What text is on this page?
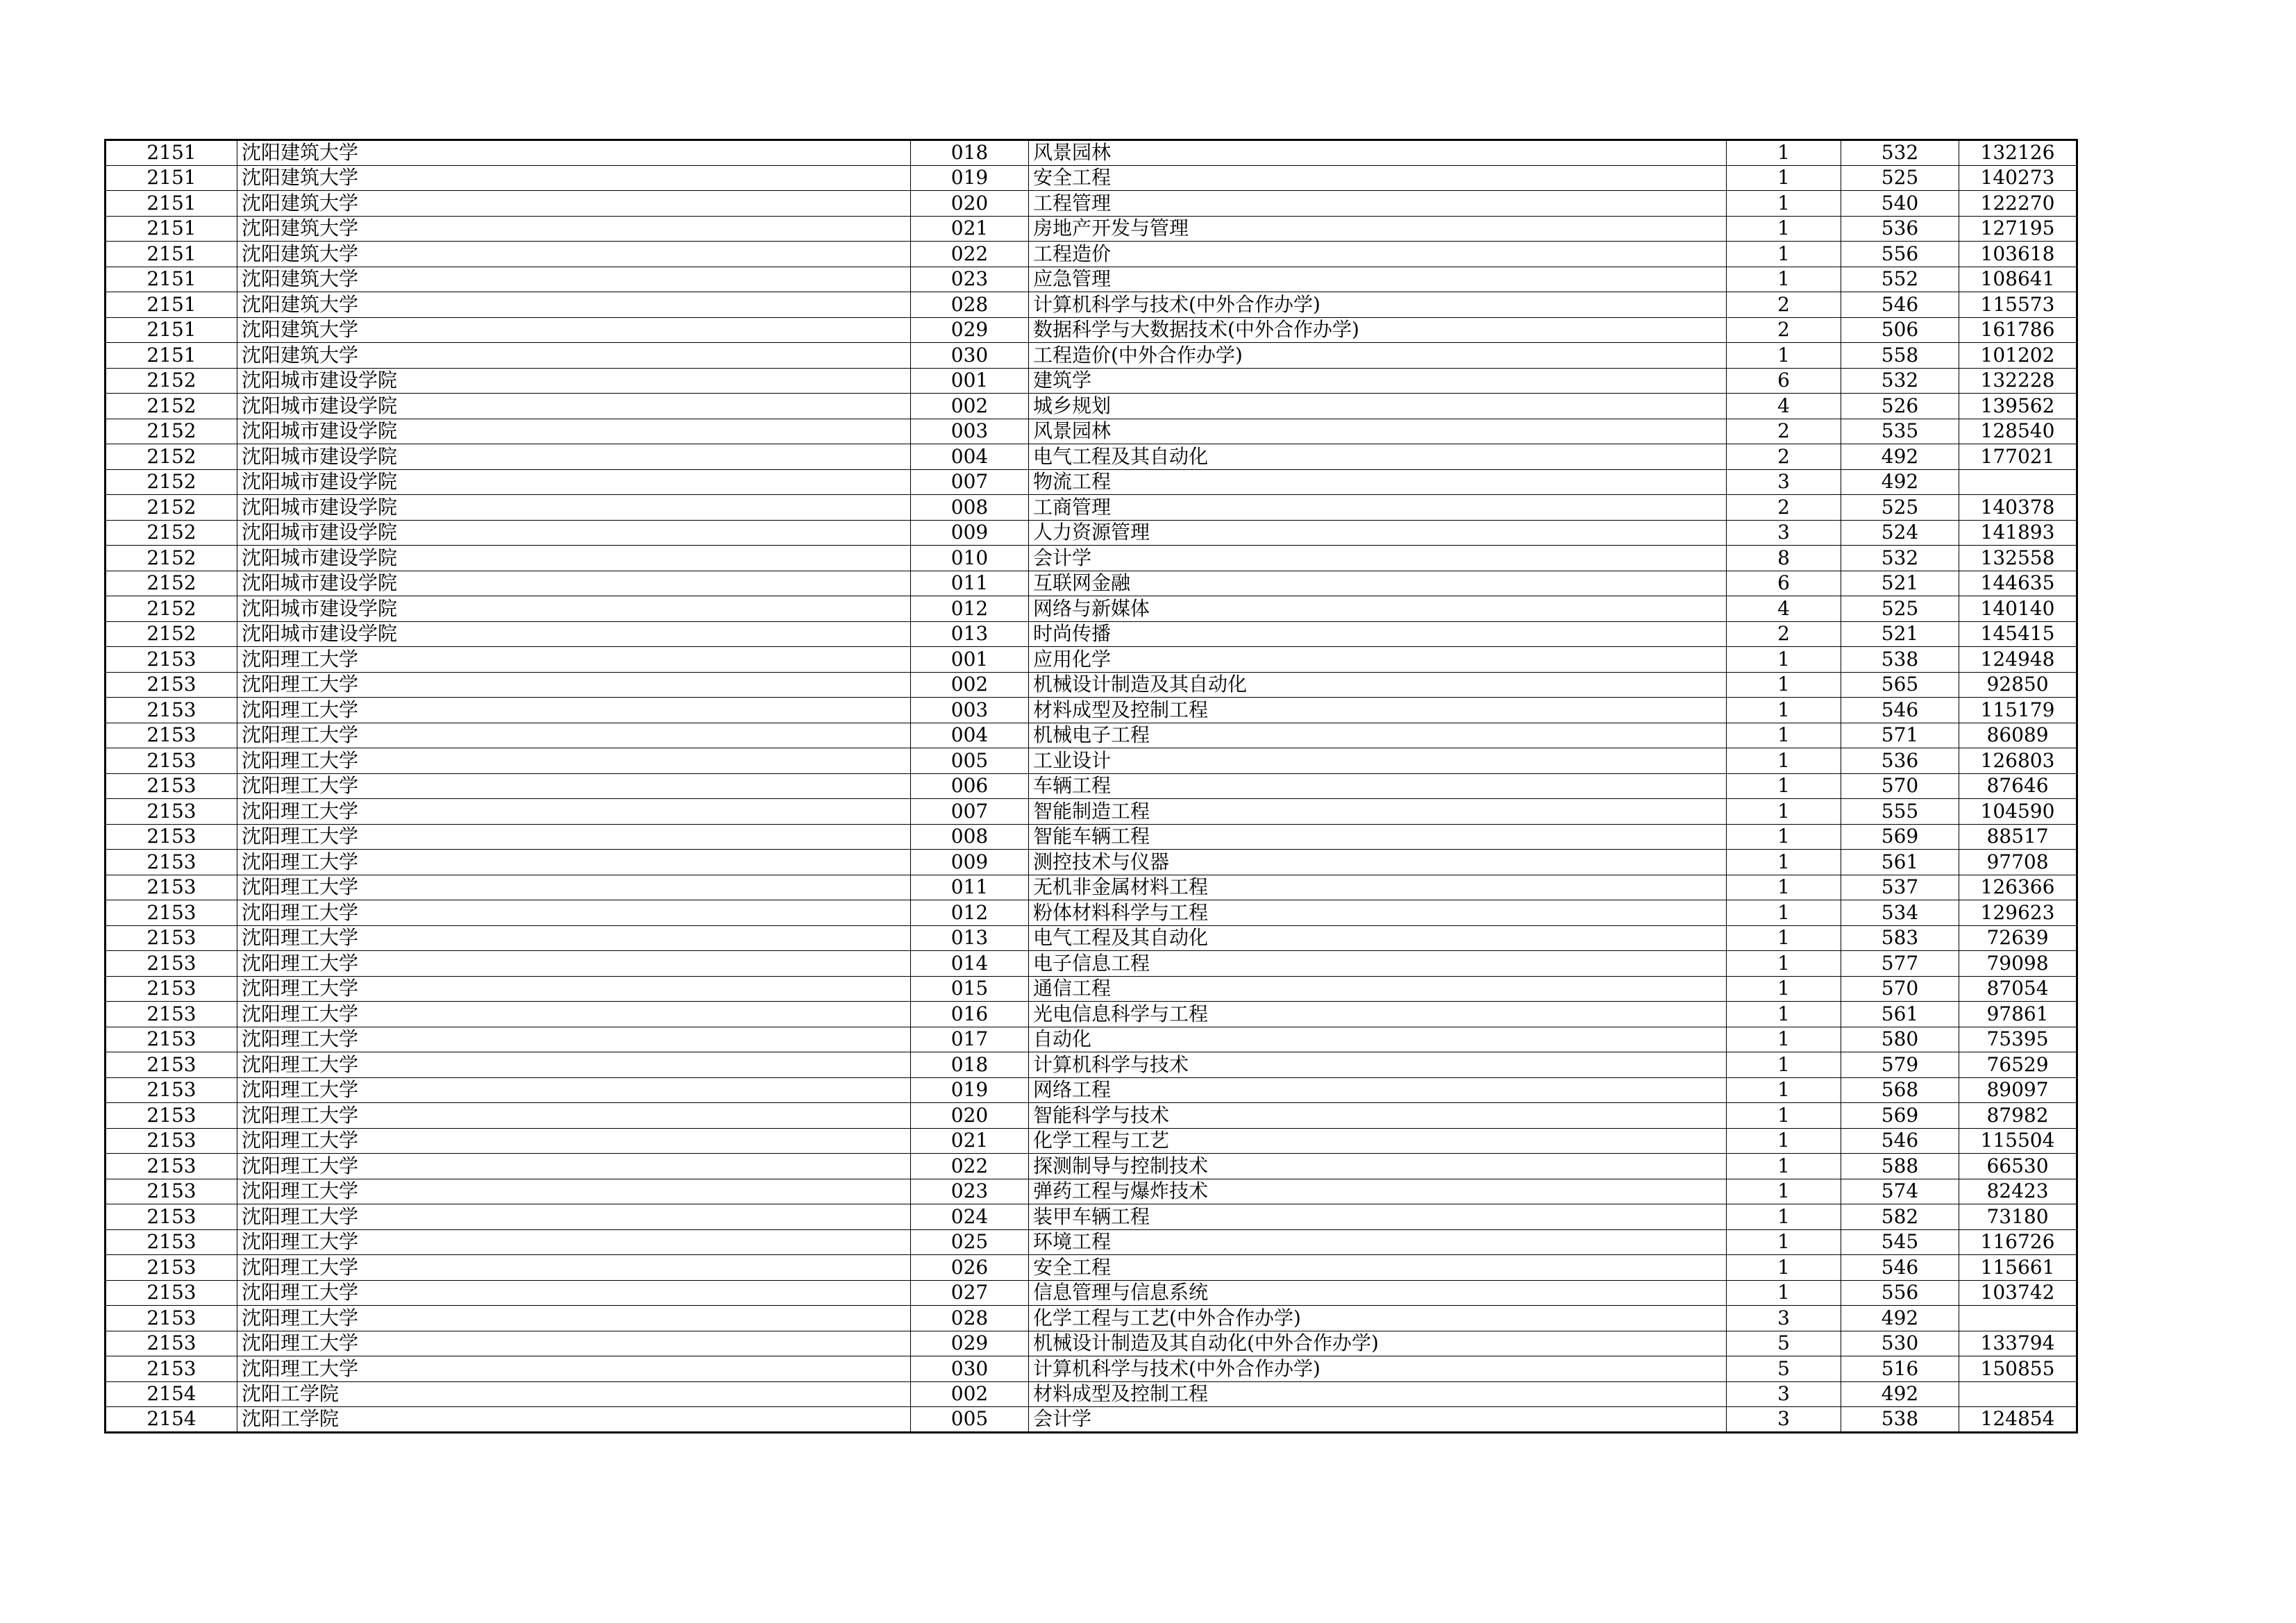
2151	沈阳建筑大学	018	风景园林	1	532	132126
2151	沈阳建筑大学	019	安全工程	1	525	140273
2151	沈阳建筑大学	020	工程管理	1	540	122270
2151	沈阳建筑大学	021	房地产开发与管理	1	536	127195
2151	沈阳建筑大学	022	工程造价	1	556	103618
2151	沈阳建筑大学	023	应急管理	1	552	108641
2151	沈阳建筑大学	028	计算机科学与技术(中外合作办学)	2	546	115573
2151	沈阳建筑大学	029	数据科学与大数据技术(中外合作办学)	2	506	161786
2151	沈阳建筑大学	030	工程造价(中外合作办学)	1	558	101202
2152	沈阳城市建设学院	001	建筑学	6	532	132228
2152	沈阳城市建设学院	002	城乡规划	4	526	139562
2152	沈阳城市建设学院	003	风景园林	2	535	128540
2152	沈阳城市建设学院	004	电气工程及其自动化	2	492	177021
2152	沈阳城市建设学院	007	物流工程	3	492	
2152	沈阳城市建设学院	008	工商管理	2	525	140378
2152	沈阳城市建设学院	009	人力资源管理	3	524	141893
2152	沈阳城市建设学院	010	会计学	8	532	132558
2152	沈阳城市建设学院	011	互联网金融	6	521	144635
2152	沈阳城市建设学院	012	网络与新媒体	4	525	140140
2152	沈阳城市建设学院	013	时尚传播	2	521	145415
2153	沈阳理工大学	001	应用化学	1	538	124948
2153	沈阳理工大学	002	机械设计制造及其自动化	1	565	92850
2153	沈阳理工大学	003	材料成型及控制工程	1	546	115179
2153	沈阳理工大学	004	机械电子工程	1	571	86089
2153	沈阳理工大学	005	工业设计	1	536	126803
2153	沈阳理工大学	006	车辆工程	1	570	87646
2153	沈阳理工大学	007	智能制造工程	1	555	104590
2153	沈阳理工大学	008	智能车辆工程	1	569	88517
2153	沈阳理工大学	009	测控技术与仪器	1	561	97708
2153	沈阳理工大学	011	无机非金属材料工程	1	537	126366
2153	沈阳理工大学	012	粉体材料科学与工程	1	534	129623
2153	沈阳理工大学	013	电气工程及其自动化	1	583	72639
2153	沈阳理工大学	014	电子信息工程	1	577	79098
2153	沈阳理工大学	015	通信工程	1	570	87054
2153	沈阳理工大学	016	光电信息科学与工程	1	561	97861
2153	沈阳理工大学	017	自动化	1	580	75395
2153	沈阳理工大学	018	计算机科学与技术	1	579	76529
2153	沈阳理工大学	019	网络工程	1	568	89097
2153	沈阳理工大学	020	智能科学与技术	1	569	87982
2153	沈阳理工大学	021	化学工程与工艺	1	546	115504
2153	沈阳理工大学	022	探测制导与控制技术	1	588	66530
2153	沈阳理工大学	023	弹药工程与爆炸技术	1	574	82423
2153	沈阳理工大学	024	装甲车辆工程	1	582	73180
2153	沈阳理工大学	025	环境工程	1	545	116726
2153	沈阳理工大学	026	安全工程	1	546	115661
2153	沈阳理工大学	027	信息管理与信息系统	1	556	103742
2153	沈阳理工大学	028	化学工程与工艺(中外合作办学)	3	492	
2153	沈阳理工大学	029	机械设计制造及其自动化(中外合作办学)	5	530	133794
2153	沈阳理工大学	030	计算机科学与技术(中外合作办学)	5	516	150855
2154	沈阳工学院	002	材料成型及控制工程	3	492	
2154	沈阳工学院	005	会计学	3	538	124854
